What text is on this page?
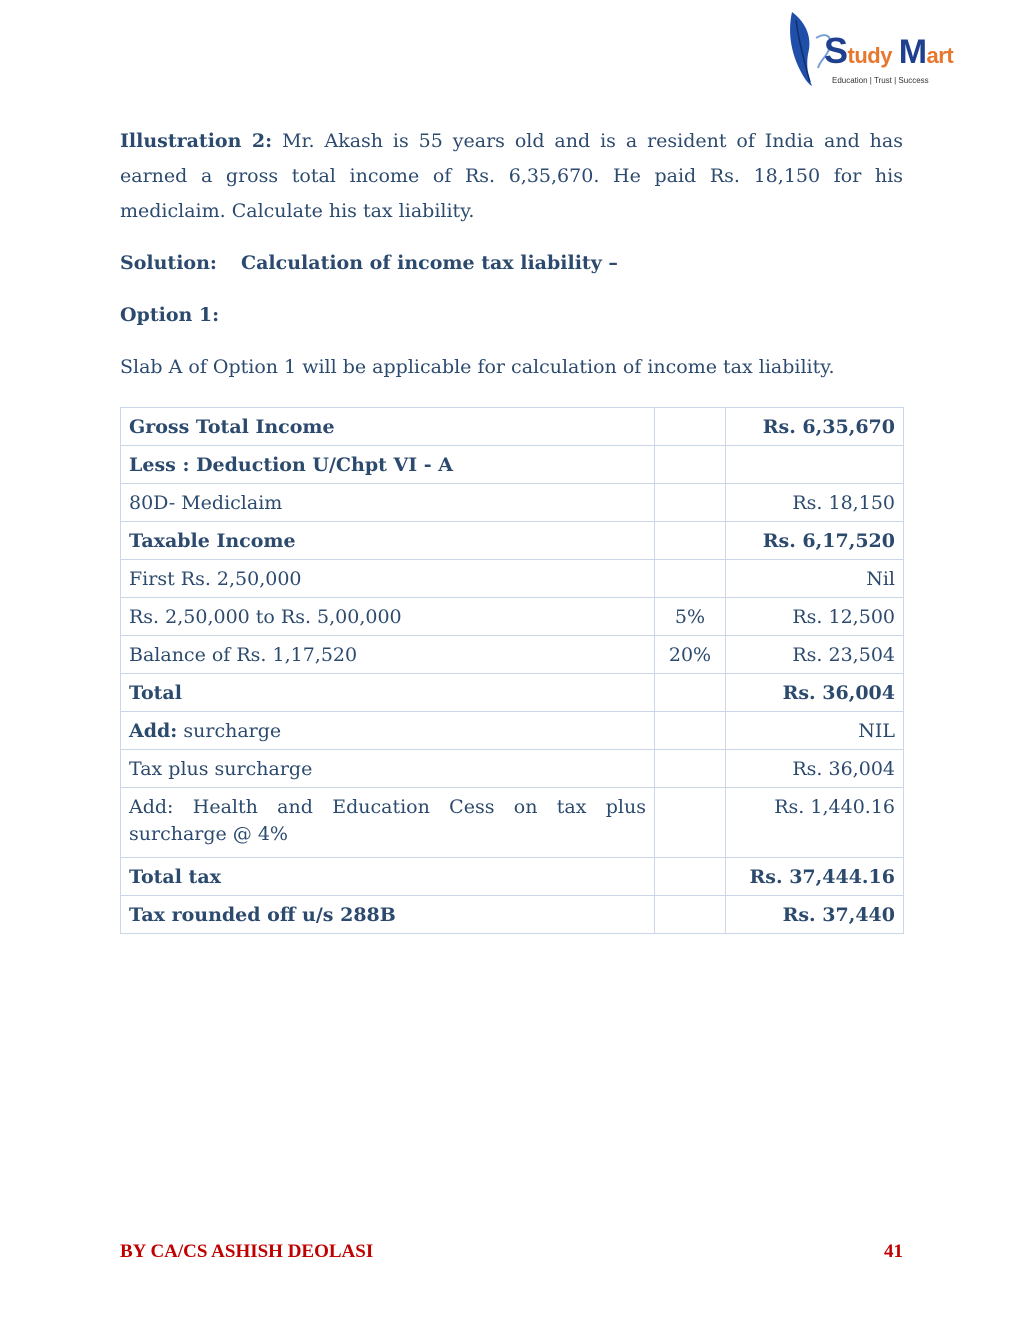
Study Mart
Education | Trust | Success
Illustration 2: Mr. Akash is 55 years old and is a resident of India and has earned a gross total income of Rs. 6,35,670. He paid Rs. 18,150 for his mediclaim. Calculate his tax liability.
Solution: Calculation of income tax liability –
Option 1:
Slab A of Option 1 will be applicable for calculation of income tax liability.
Gross Total Income		Rs. 6,35,670
Less : Deduction U/Chpt VI - A		
80D- Mediclaim		Rs. 18,150
Taxable Income		Rs. 6,17,520
First Rs. 2,50,000		Nil
Rs. 2,50,000 to Rs. 5,00,000	5%	Rs. 12,500
Balance of Rs. 1,17,520	20%	Rs. 23,504
Total		Rs. 36,004
Add: surcharge		NIL
Tax plus surcharge		Rs. 36,004
Add: Health and Education Cess on tax plus surcharge @ 4%		Rs. 1,440.16
Total tax		Rs. 37,444.16
Tax rounded off u/s 288B		Rs. 37,440
BY CA/CS ASHISH DEOLASI	41
